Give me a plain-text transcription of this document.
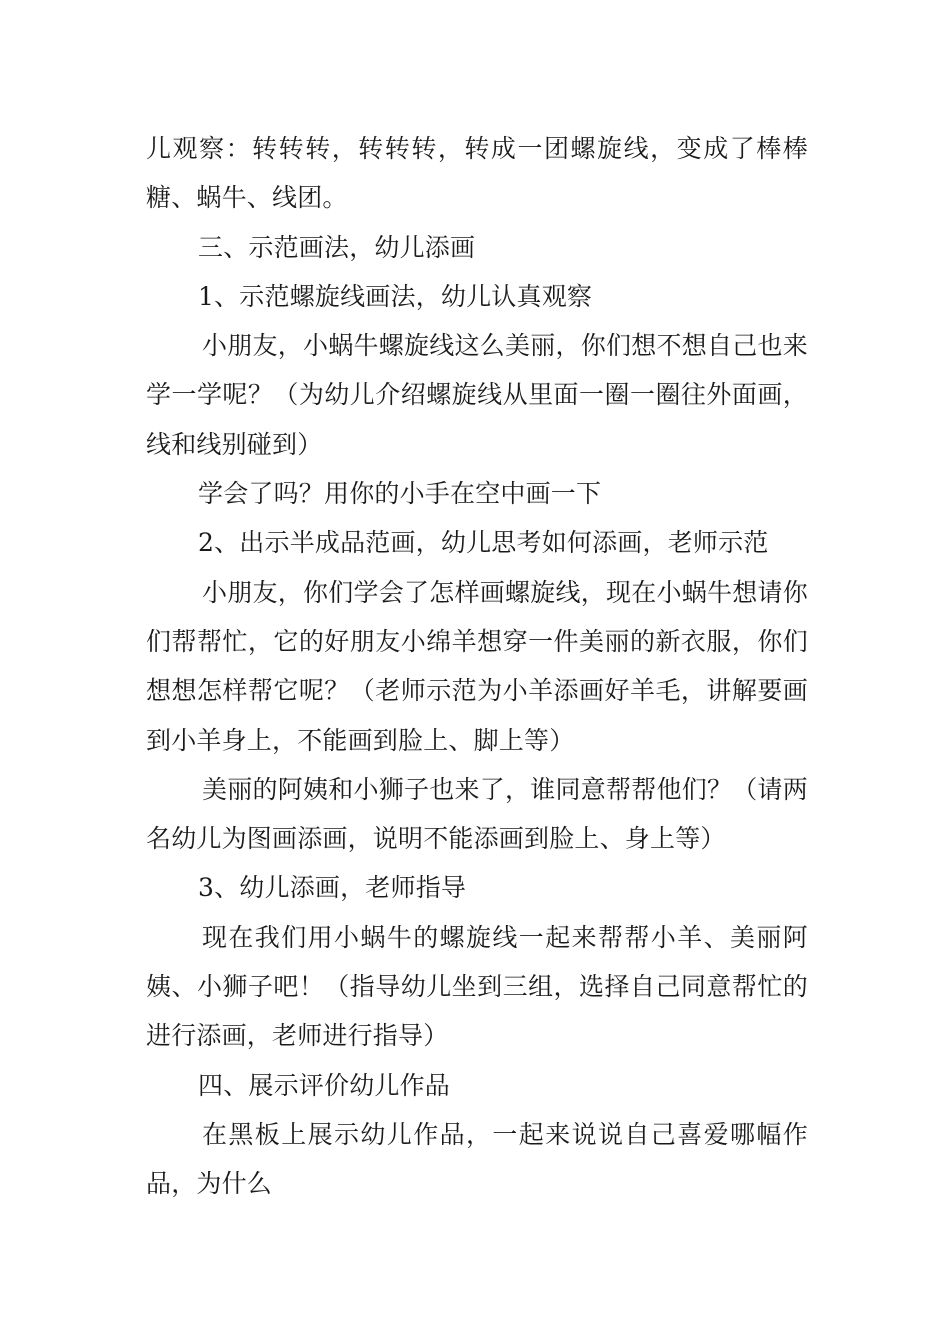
儿观察：转转转，转转转，转成一团螺旋线，变成了棒棒糖、蜗牛、线团。

三、示范画法，幼儿添画

1、示范螺旋线画法，幼儿认真观察

小朋友，小蜗牛螺旋线这么美丽，你们想不想自己也来学一学呢？（为幼儿介绍螺旋线从里面一圈一圈往外面画，线和线别碰到）

学会了吗？用你的小手在空中画一下

2、出示半成品范画，幼儿思考如何添画，老师示范

小朋友，你们学会了怎样画螺旋线，现在小蜗牛想请你们帮帮忙，它的好朋友小绵羊想穿一件美丽的新衣服，你们想想怎样帮它呢？（老师示范为小羊添画好羊毛，讲解要画到小羊身上，不能画到脸上、脚上等）

美丽的阿姨和小狮子也来了，谁同意帮帮他们？（请两名幼儿为图画添画，说明不能添画到脸上、身上等）

3、幼儿添画，老师指导

现在我们用小蜗牛的螺旋线一起来帮帮小羊、美丽阿姨、小狮子吧！（指导幼儿坐到三组，选择自己同意帮忙的进行添画，老师进行指导）

四、展示评价幼儿作品

在黑板上展示幼儿作品，一起来说说自己喜爱哪幅作品，为什么
